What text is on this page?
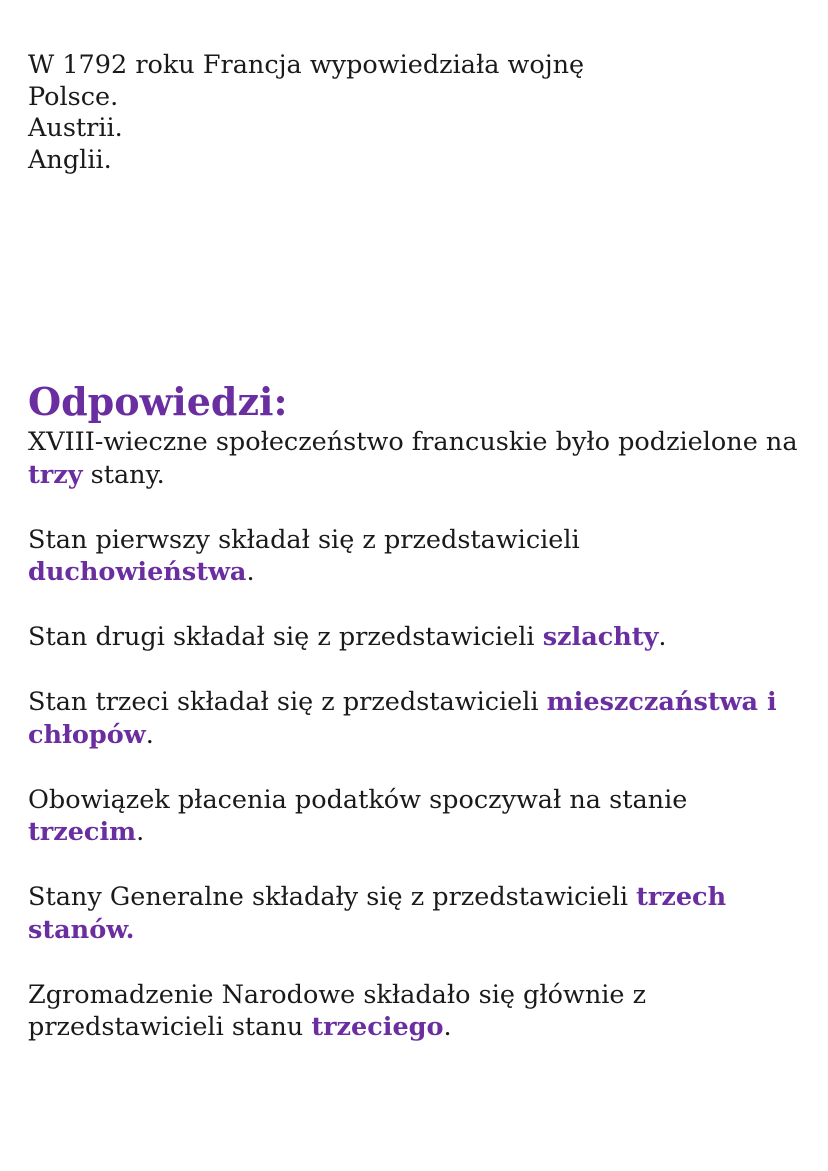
W 1792 roku Francja wypowiedziała wojnę
Polsce.
Austrii.
Anglii.
Odpowiedzi:

XVIII-wieczne społeczeństwo francuskie było podzielone na trzy stany.

Stan pierwszy składał się z przedstawicieli
duchowieństwa.

Stan drugi składał się z przedstawicieli szlachty.

Stan trzeci składał się z przedstawicieli mieszczaństwa i chłopów.

Obowiązek płacenia podatków spoczywał na stanie
trzecim.

Stany Generalne składały się z przedstawicieli trzech stanów.

Zgromadzenie Narodowe składało się głównie z przedstawicieli stanu trzeciego.
